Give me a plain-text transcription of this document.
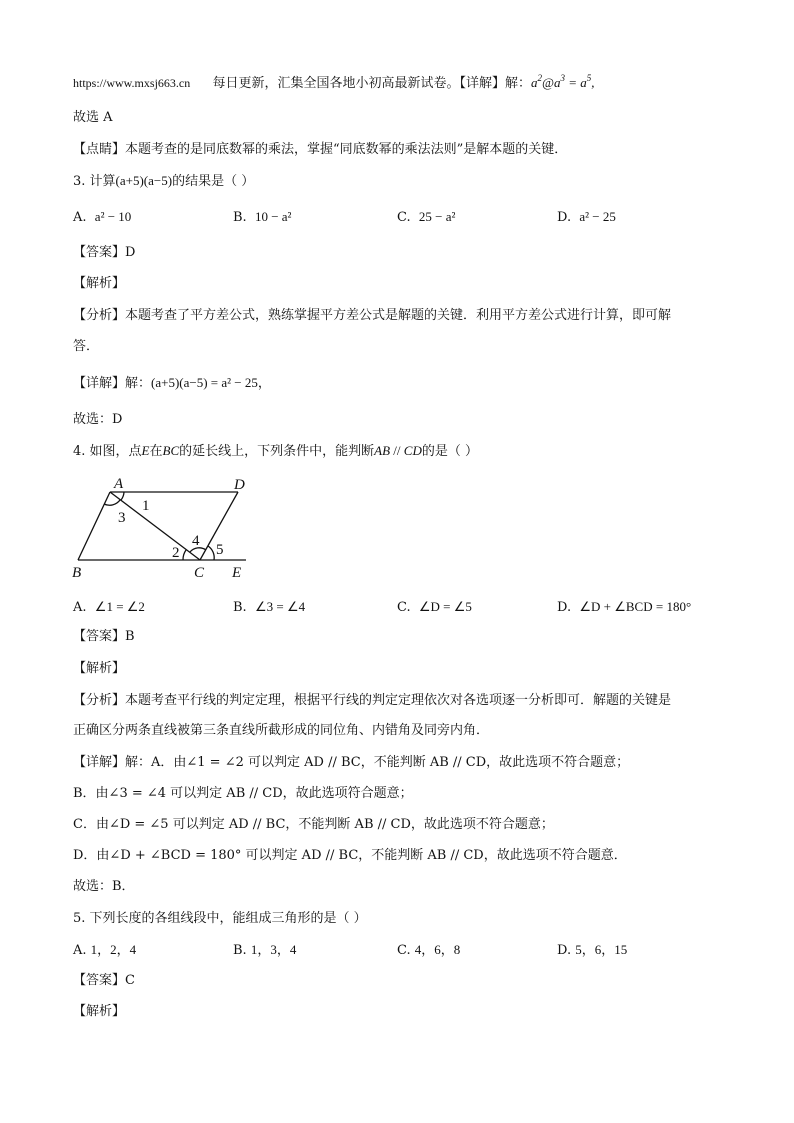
https://www.mxsj663.cn 每日更新，汇集全国各地小初高最新试卷。【详解】解：$a^2@a^3 = a^5$,
故选 A
【点睛】本题考查的是同底数幂的乘法，掌握“同底数幂的乘法法则”是解本题的关键．
3. 计算(a+5)(a−5)的结果是（ ）
A. a² − 10	B. 10 − a²	C. 25 − a²	D. a² − 25
【答案】D
【解析】
【分析】本题考查了平方差公式，熟练掌握平方差公式是解题的关键．利用平方差公式进行计算，即可解
答．
【详解】解：(a+5)(a−5) = a² − 25，
故选：D
4. 如图，点E在BC的延长线上，下列条件中，能判断AB // CD的是（ ）
A	D
B	C E
1
3
4
2 5
A. ∠1 = ∠2	B. ∠3 = ∠4	C. ∠D = ∠5	D. ∠D + ∠BCD = 180°
【答案】B
【解析】
【分析】本题考查平行线的判定定理，根据平行线的判定定理依次对各选项逐一分析即可．解题的关键是
正确区分两条直线被第三条直线所截形成的同位角、内错角及同旁内角．
【详解】解：A．由∠1 = ∠2 可以判定 AD // BC，不能判断 AB // CD，故此选项不符合题意；
B．由∠3 = ∠4 可以判定 AB // CD，故此选项符合题意；
C．由∠D = ∠5 可以判定 AD // BC，不能判断 AB // CD，故此选项不符合题意；
D．由∠D + ∠BCD = 180° 可以判定 AD // BC，不能判断 AB // CD，故此选项不符合题意．
故选：B．
5. 下列长度的各组线段中，能组成三角形的是（ ）
A. 1，2，4	B. 1，3，4	C. 4，6，8	D. 5，6，15
【答案】C
【解析】
